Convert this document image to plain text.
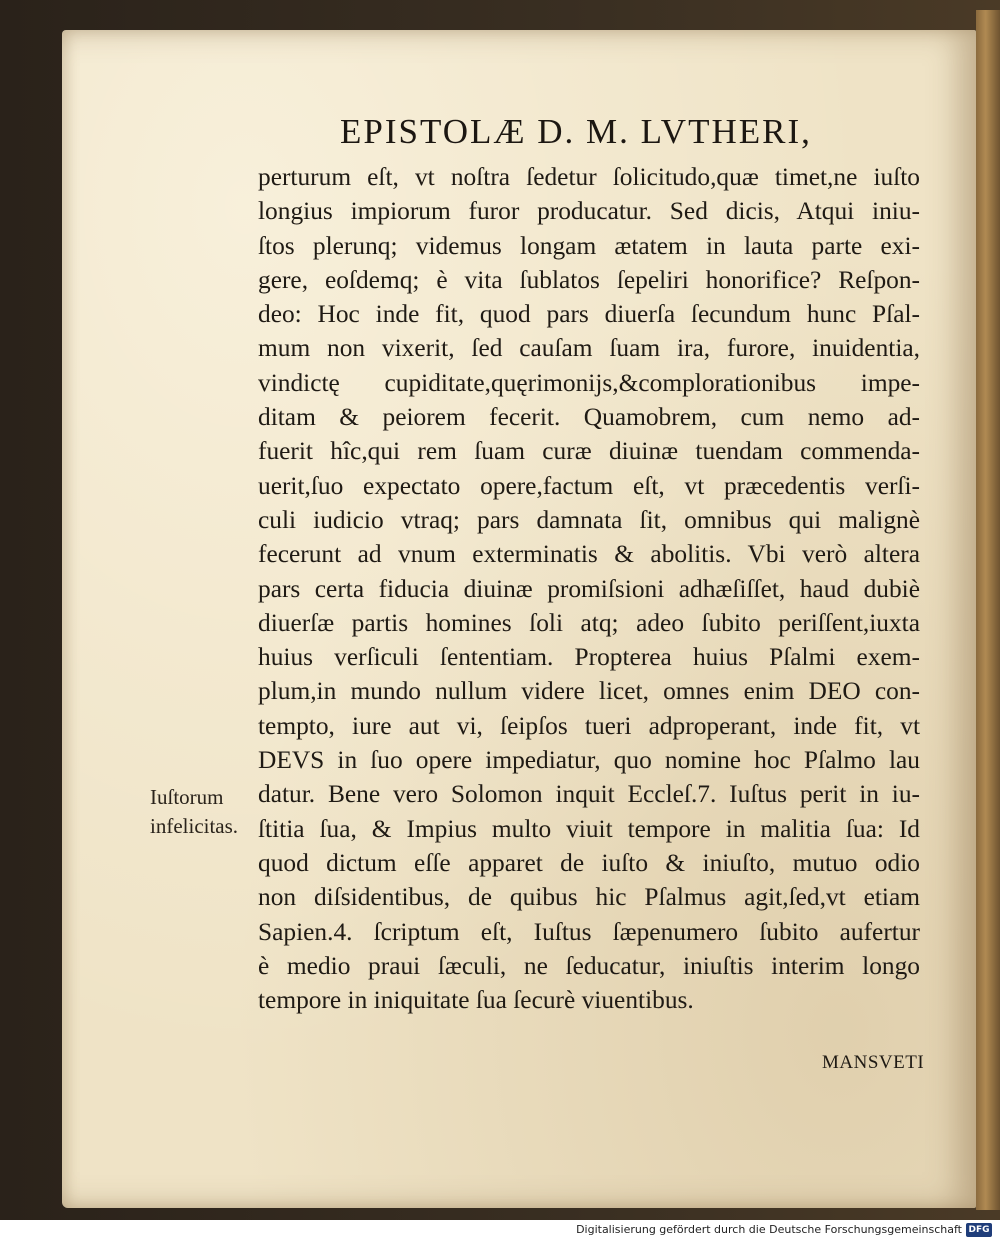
EPISTOLÆ D. M. LVTHERI,
perturum eſt, vt noſtra ſedetur ſolicitudo,quæ timet,ne iuſto
longius impiorum furor producatur. Sed dicis, Atqui iniu-
ſtos plerunq; videmus longam ætatem in lauta parte exi-
gere, eoſdemq; è vita ſublatos ſepeliri honorifice? Reſpon-
deo: Hoc inde fit, quod pars diuerſa ſecundum hunc Pſal-
mum non vixerit, ſed cauſam ſuam ira, furore, inuidentia,
vindictę cupiditate,quęrimonijs,&complorationibus impe-
ditam & peiorem fecerit. Quamobrem, cum nemo ad-
fuerit hîc,qui rem ſuam curæ diuinæ tuendam commenda-
uerit,ſuo expectato opere,factum eſt, vt præcedentis verſi-
culi iudicio vtraq; pars damnata ſit, omnibus qui malignè
fecerunt ad vnum exterminatis & abolitis. Vbi verò altera
pars certa fiducia diuinæ promiſsioni adhæſiſſet, haud dubiè
diuerſæ partis homines ſoli atq; adeo ſubito periſſent,iuxta
huius verſiculi ſententiam. Propterea huius Pſalmi exem-
plum,in mundo nullum videre licet, omnes enim DEO con-
tempto, iure aut vi, ſeipſos tueri adproperant, inde fit, vt
DEVS in ſuo opere impediatur, quo nomine hoc Pſalmo lau
datur. Bene vero Solomon inquit Eccleſ.7. Iuſtus perit in iu-
ſtitia ſua, & Impius multo viuit tempore in malitia ſua: Id
quod dictum eſſe apparet de iuſto & iniuſto, mutuo odio
non diſsidentibus, de quibus hic Pſalmus agit,ſed,vt etiam
Sapien.4. ſcriptum eſt, Iuſtus ſæpenumero ſubito aufertur
è medio praui ſæculi, ne ſeducatur, iniuſtis interim longo
tempore in iniquitate ſua ſecurè viuentibus.
Iuſtorum
infelicitas.
MANSVETI
Digitalisierung gefördert durch die Deutsche Forschungsgemeinschaft DFG
